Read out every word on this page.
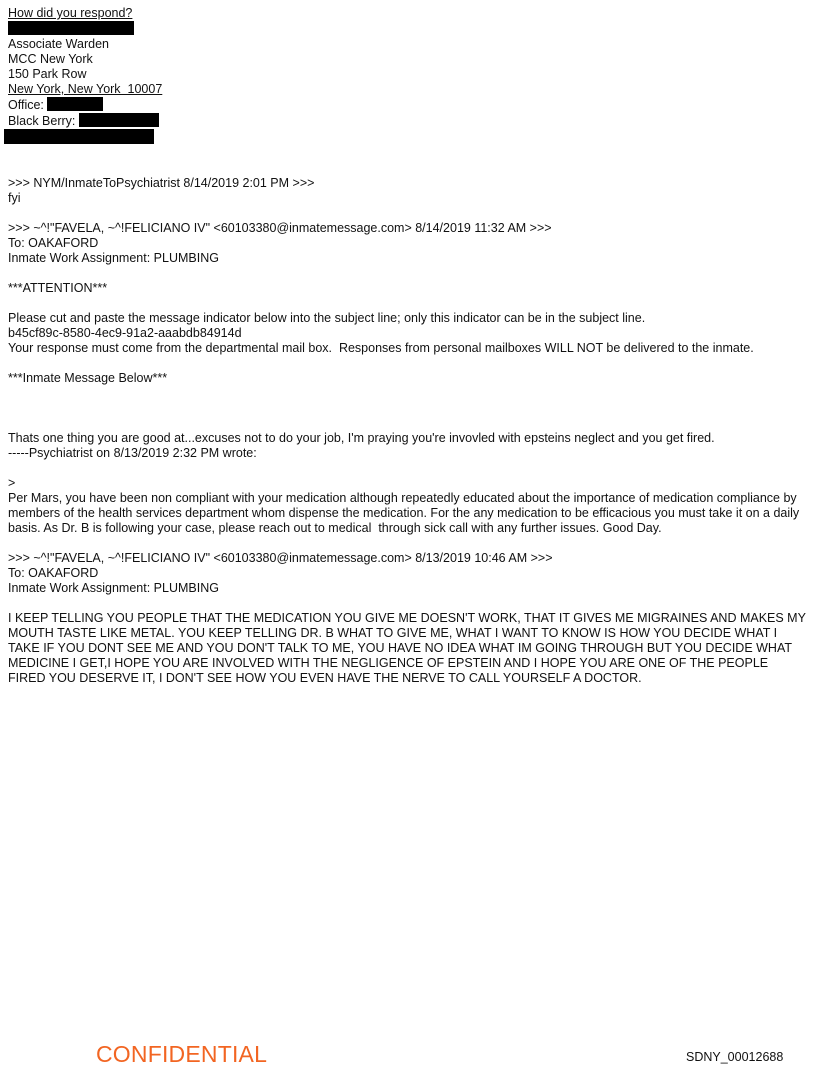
How did you respond?
Associate Warden
MCC New York
150 Park Row
New York, New York  10007
Office:
Black Berry:
>>> NYM/InmateToPsychiatrist 8/14/2019 2:01 PM >>>
fyi
>>> ~^!"FAVELA, ~^!FELICIANO IV" <60103380@inmatemessage.com> 8/14/2019 11:32 AM >>>
To: OAKAFORD
Inmate Work Assignment: PLUMBING
***ATTENTION***
Please cut and paste the message indicator below into the subject line; only this indicator can be in the subject line.
b45cf89c-8580-4ec9-91a2-aaabdb84914d
Your response must come from the departmental mail box.  Responses from personal mailboxes WILL NOT be delivered to the inmate.
***Inmate Message Below***
Thats one thing you are good at...excuses not to do your job, I'm praying you're invovled with epsteins neglect and you get fired.
-----Psychiatrist on 8/13/2019 2:32 PM wrote:
>
Per Mars, you have been non compliant with your medication although repeatedly educated about the importance of medication compliance by members of the health services department whom dispense the medication. For the any medication to be efficacious you must take it on a daily basis. As Dr. B is following your case, please reach out to medical  through sick call with any further issues. Good Day.
>>> ~^!"FAVELA, ~^!FELICIANO IV" <60103380@inmatemessage.com> 8/13/2019 10:46 AM >>>
To: OAKAFORD
Inmate Work Assignment: PLUMBING
I KEEP TELLING YOU PEOPLE THAT THE MEDICATION YOU GIVE ME DOESN'T WORK, THAT IT GIVES ME MIGRAINES AND MAKES MY MOUTH TASTE LIKE METAL. YOU KEEP TELLING DR. B WHAT TO GIVE ME, WHAT I WANT TO KNOW IS HOW YOU DECIDE WHAT I TAKE IF YOU DONT SEE ME AND YOU DON'T TALK TO ME, YOU HAVE NO IDEA WHAT IM GOING THROUGH BUT YOU DECIDE WHAT MEDICINE I GET,I HOPE YOU ARE INVOLVED WITH THE NEGLIGENCE OF EPSTEIN AND I HOPE YOU ARE ONE OF THE PEOPLE FIRED YOU DESERVE IT, I DON'T SEE HOW YOU EVEN HAVE THE NERVE TO CALL YOURSELF A DOCTOR.
CONFIDENTIAL	SDNY_00012688
